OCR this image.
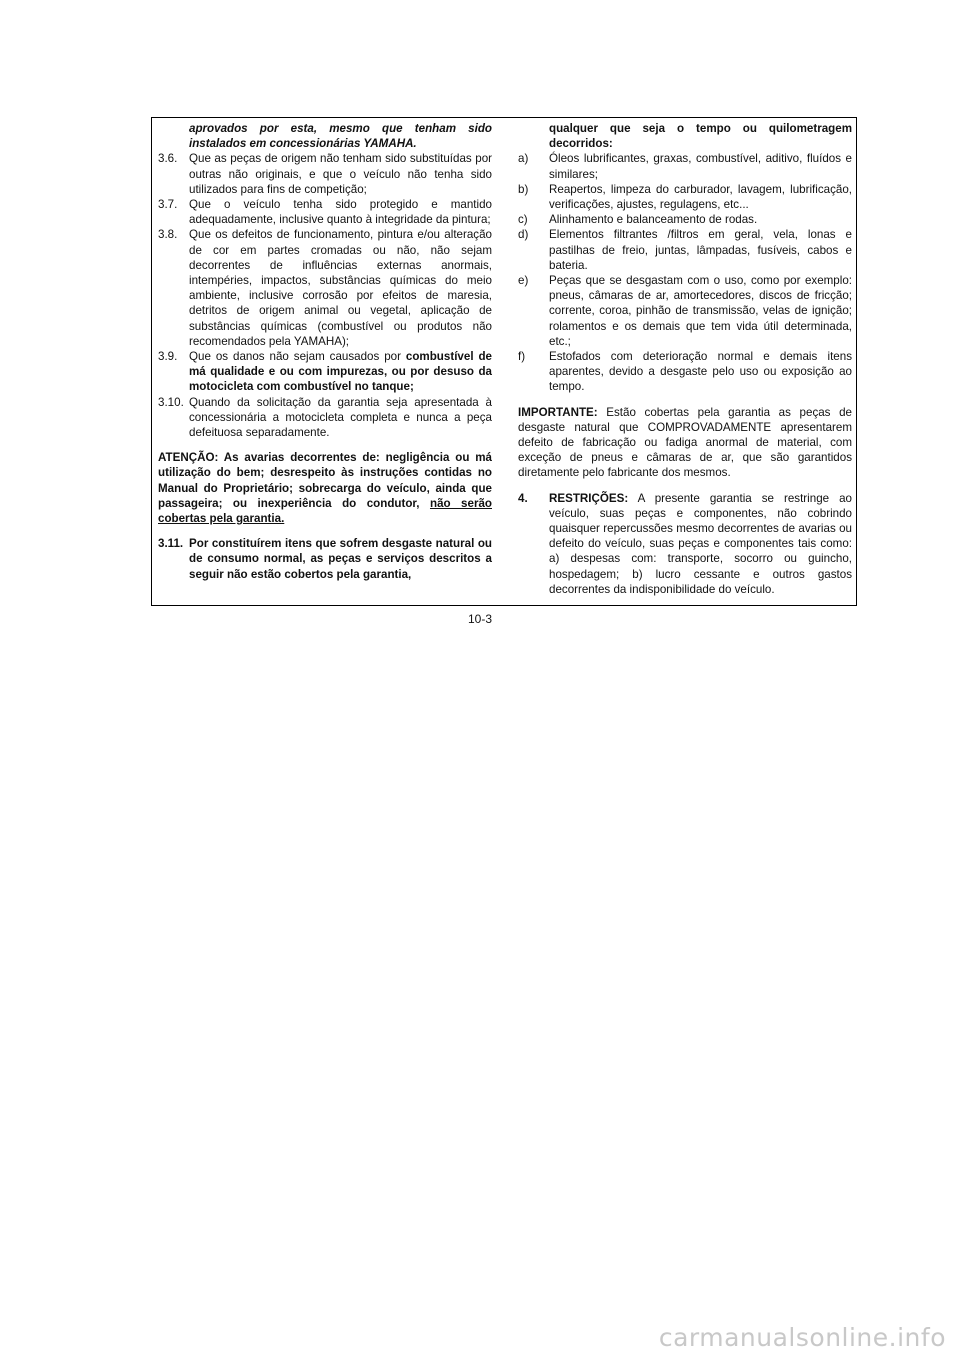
aprovados por esta, mesmo que tenham sido instalados em concessionárias YAMAHA.
3.6.	Que as peças de origem não tenham sido substituídas por outras não originais, e que o veículo não tenha sido utilizados para fins de competição;
3.7.	Que o veículo tenha sido protegido e mantido adequadamente, inclusive quanto à integridade da pintura;
3.8.	Que os defeitos de funcionamento, pintura e/ou alteração de cor em partes cromadas ou não, não sejam decorrentes de influências externas anormais, intempéries, impactos, substâncias químicas do meio ambiente, inclusive corrosão por efeitos de maresia, detritos de origem animal ou vegetal, aplicação de substâncias químicas (combustível ou produtos não recomendados pela YAMAHA);
3.9.	Que os danos não sejam causados por combustível de má qualidade e ou com impurezas, ou por desuso da motocicleta com combustível no tanque;
3.10. Quando da solicitação da garantia seja apresentada à concessionária a motocicleta completa e nunca a peça defeituosa separadamente.
ATENÇÃO: As avarias decorrentes de: negligência ou má utilização do bem; desrespeito às instruções contidas no Manual do Proprietário; sobrecarga do veículo, ainda que passageira; ou inexperiência do condutor, não serão cobertas pela garantia.
3.11. Por constituírem itens que sofrem desgaste natural ou de consumo normal, as peças e serviços descritos a seguir não estão cobertos pela garantia,
qualquer que seja o tempo ou quilometragem decorridos:
a)	Óleos lubrificantes, graxas, combustível, aditivo, fluídos e similares;
b)	Reapertos, limpeza do carburador, lavagem, lubrificação, verificações, ajustes, regulagens, etc...
c)	Alinhamento e balanceamento de rodas.
d)	Elementos filtrantes /filtros em geral, vela, lonas e pastilhas de freio, juntas, lâmpadas, fusíveis, cabos e bateria.
e)	Peças que se desgastam com o uso, como por exemplo: pneus, câmaras de ar, amortecedores, discos de fricção; corrente, coroa, pinhão de transmissão, velas de ignição; rolamentos e os demais que tem vida útil determinada, etc.;
f)	Estofados com deterioração normal e demais itens aparentes, devido a desgaste pelo uso ou exposição ao tempo.
IMPORTANTE: Estão cobertas pela garantia as peças de desgaste natural que COMPROVADAMENTE apresentarem defeito de fabricação ou fadiga anormal de material, com exceção de pneus e câmaras de ar, que são garantidos diretamente pelo fabricante dos mesmos.
4.	RESTRIÇÕES: A presente garantia se restringe ao veículo, suas peças e componentes, não cobrindo quaisquer repercussões mesmo decorrentes de avarias ou defeito do veículo, suas peças e componentes tais como: a) despesas com: transporte, socorro ou guincho, hospedagem; b) lucro cessante e outros gastos decorrentes da indisponibilidade do veículo.
10-3
carmanualsonline.info
